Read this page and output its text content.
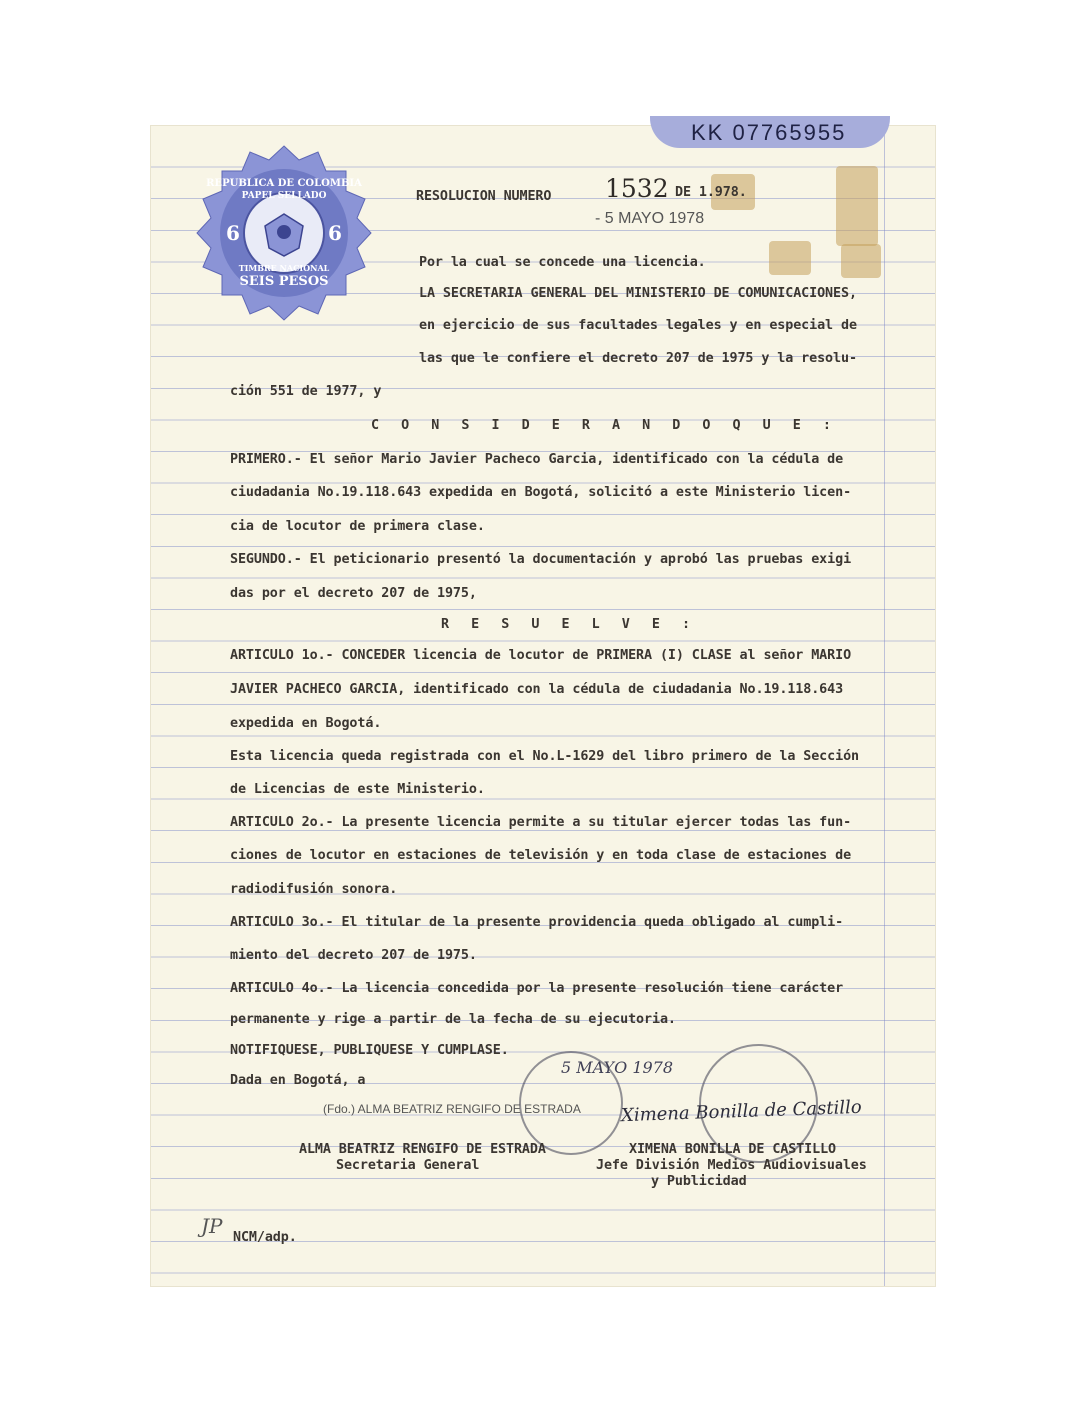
KK 07765955
REPUBLICA DE COLOMBIA
PAPEL SELLADO
6	6
TIMBRE NACIONAL
SEIS PESOS
RESOLUCION NUMERO 1532 DE 1.978.
- 5 MAYO 1978
Por la cual se concede una licencia.
LA SECRETARIA GENERAL DEL MINISTERIO DE COMUNICACIONES,
en ejercicio de sus facultades legales y en especial de
las que le confiere el decreto 207 de 1975 y la resolu-
ción 551 de 1977, y
C O N S I D E R A N D O Q U E :
PRIMERO.- El señor Mario Javier Pacheco Garcia, identificado con la cédula de
ciudadania No.19.118.643 expedida en Bogotá, solicitó a este Ministerio licen-
cia de locutor de primera clase.
SEGUNDO.- El peticionario presentó la documentación y aprobó las pruebas exigi
das por el decreto 207 de 1975,
R E S U E L V E :
ARTICULO 1o.- CONCEDER licencia de locutor de PRIMERA (I) CLASE al señor MARIO
JAVIER PACHECO GARCIA, identificado con la cédula de ciudadania No.19.118.643
expedida en Bogotá.
Esta licencia queda registrada con el No.L-1629 del libro primero de la Sección
de Licencias de este Ministerio.
ARTICULO 2o.- La presente licencia permite a su titular ejercer todas las fun-
ciones de locutor en estaciones de televisión y en toda clase de estaciones de
radiodifusión sonora.
ARTICULO 3o.- El titular de la presente providencia queda obligado al cumpli-
miento del decreto 207 de 1975.
ARTICULO 4o.- La licencia concedida por la presente resolución tiene carácter
permanente y rige a partir de la fecha de su ejecutoria.
NOTIFIQUESE, PUBLIQUESE Y CUMPLASE.
Dada en Bogotá, a
5 MAYO 1978
(Fdo.) ALMA BEATRIZ RENGIFO DE ESTRADA Ximena Bonilla de Castillo
ALMA BEATRIZ RENGIFO DE ESTRADA
Secretaria General
XIMENA BONILLA DE CASTILLO
Jefe División Medios Audiovisuales
y Publicidad
JP NCM/adp.
